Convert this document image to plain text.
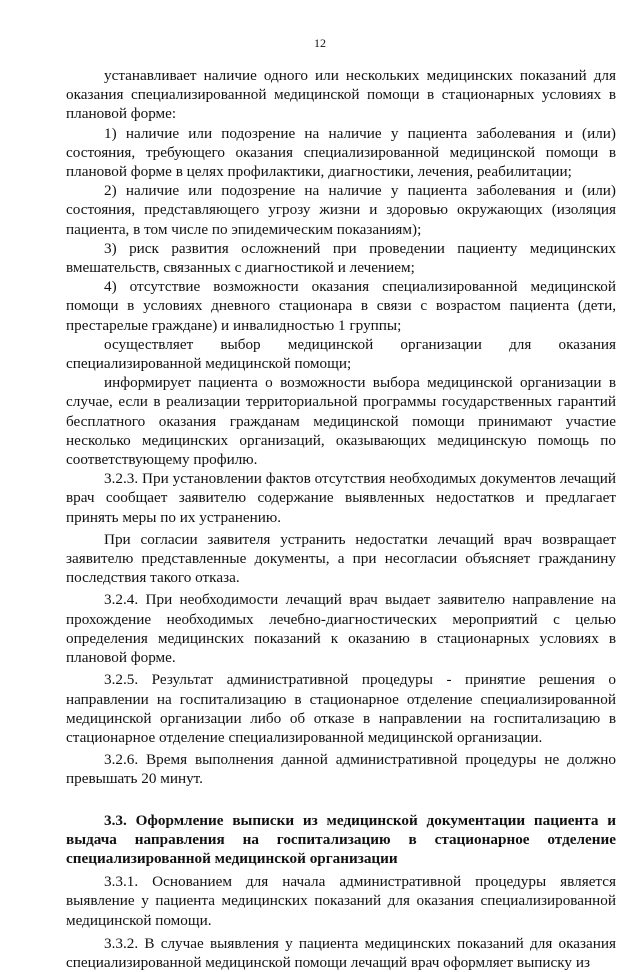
12

устанавливает наличие одного или нескольких медицинских показаний для оказания специализированной медицинской помощи в стационарных условиях в плановой форме:

1) наличие или подозрение на наличие у пациента заболевания и (или) состояния, требующего оказания специализированной медицинской помощи в плановой форме в целях профилактики, диагностики, лечения, реабилитации;

2) наличие или подозрение на наличие у пациента заболевания и (или) состояния, представляющего угрозу жизни и здоровью окружающих (изоляция пациента, в том числе по эпидемическим показаниям);

3) риск развития осложнений при проведении пациенту медицинских вмешательств, связанных с диагностикой и лечением;

4) отсутствие возможности оказания специализированной медицинской помощи в условиях дневного стационара в связи с возрастом пациента (дети, престарелые граждане) и инвалидностью 1 группы;

осуществляет выбор медицинской организации для оказания специализированной медицинской помощи;

информирует пациента о возможности выбора медицинской организации в случае, если в реализации территориальной программы государственных гарантий бесплатного оказания гражданам медицинской помощи принимают участие несколько медицинских организаций, оказывающих медицинскую помощь по соответствующему профилю.

3.2.3. При установлении фактов отсутствия необходимых документов лечащий врач сообщает заявителю содержание выявленных недостатков и предлагает принять меры по их устранению.

При согласии заявителя устранить недостатки лечащий врач возвращает заявителю представленные документы, а при несогласии объясняет гражданину последствия такого отказа.

3.2.4. При необходимости лечащий врач выдает заявителю направление на прохождение необходимых лечебно-диагностических мероприятий с целью определения медицинских показаний к оказанию в стационарных условиях в плановой форме.

3.2.5. Результат административной процедуры - принятие решения о направлении на госпитализацию в стационарное отделение специализированной медицинской организации либо об отказе в направлении на госпитализацию в стационарное отделение специализированной медицинской организации.

3.2.6. Время выполнения данной административной процедуры не должно превышать 20 минут.

3.3. Оформление выписки из медицинской документации пациента и выдача направления на госпитализацию в стационарное отделение специализированной медицинской организации

3.3.1. Основанием для начала административной процедуры является выявление у пациента медицинских показаний для оказания специализированной медицинской помощи.

3.3.2. В случае выявления у пациента медицинских показаний для оказания специализированной медицинской помощи лечащий врач оформляет выписку из
